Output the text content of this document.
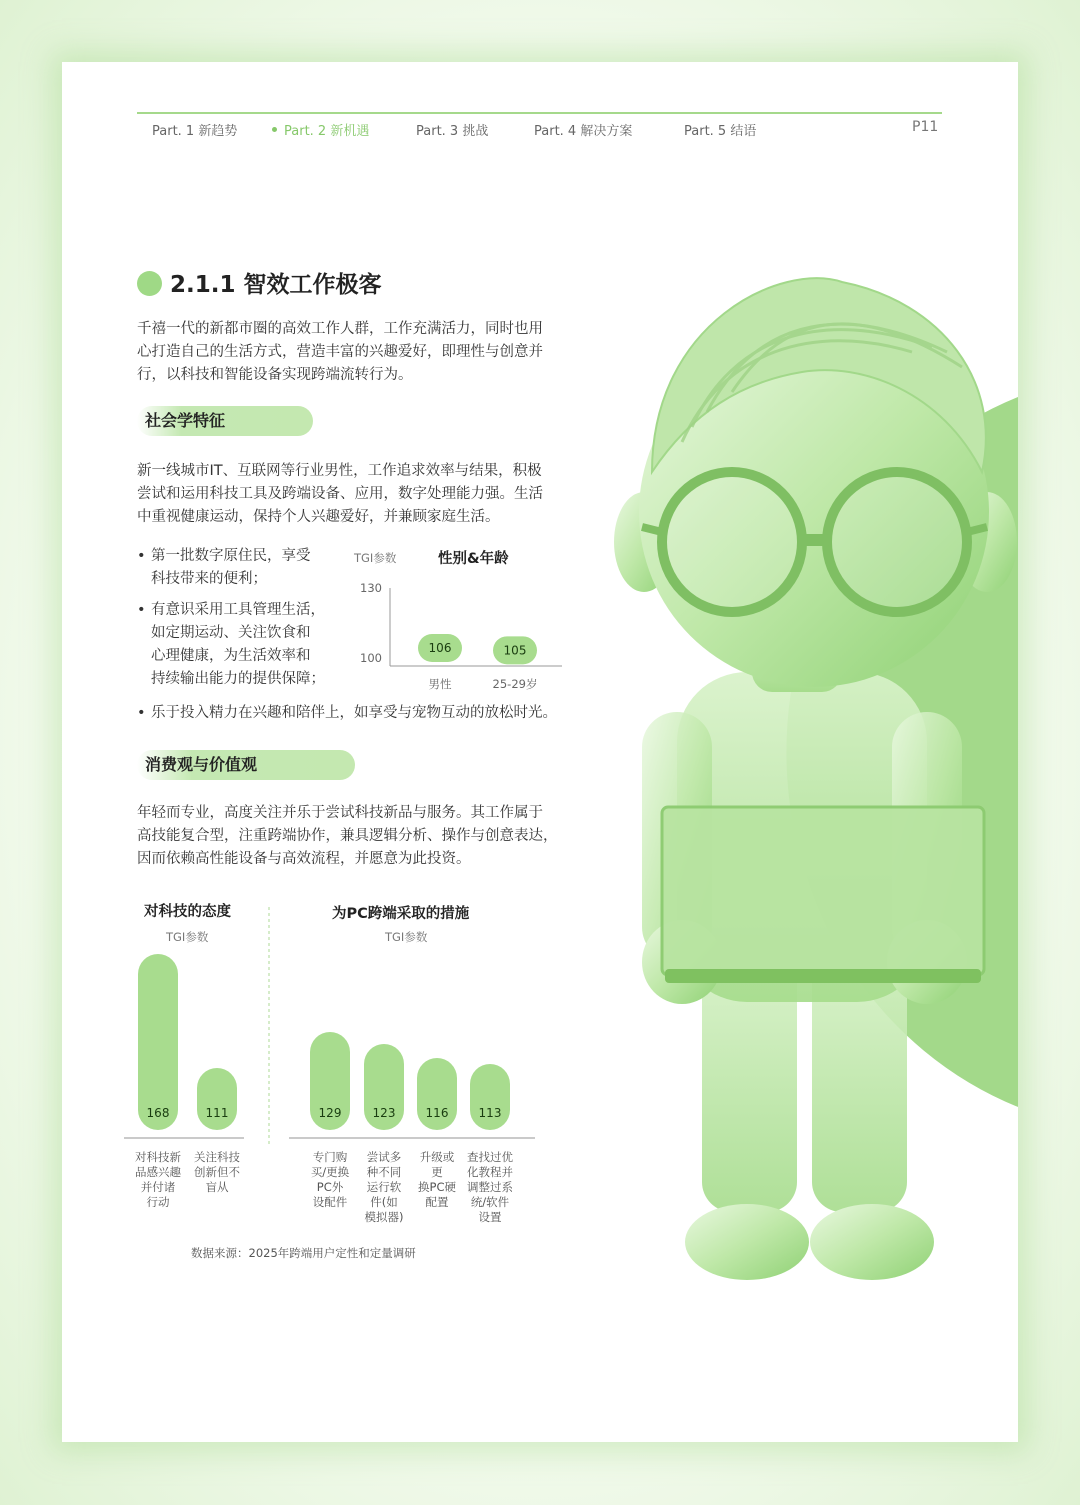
Part. 1 新趋势	Part. 2 新机遇	Part. 3 挑战	Part. 4 解决方案	Part. 5 结语	P11
2.1.1 智效工作极客

千禧一代的新都市圈的高效工作人群，工作充满活力，同时也用
心打造自己的生活方式，营造丰富的兴趣爱好，即理性与创意并
行，以科技和智能设备实现跨端流转行为。

社会学特征

新一线城市IT、互联网等行业男性，工作追求效率与结果，积极
尝试和运用科技工具及跨端设备、应用，数字处理能力强。生活
中重视健康运动，保持个人兴趣爱好，并兼顾家庭生活。

• 第一批数字原住民，享受
科技带来的便利；
• 有意识采用工具管理生活，
如定期运动、关注饮食和
心理健康，为生活效率和
持续输出能力的提供保障；
• 乐于投入精力在兴趣和陪伴上，如享受与宠物互动的放松时光。
TGI参数	性别&年龄
100
130
106
男性
105
25-29岁
消费观与价值观

年轻而专业，高度关注并乐于尝试科技新品与服务。其工作属于
高技能复合型，注重跨端协作，兼具逻辑分析、操作与创意表达，
因而依赖高性能设备与高效流程，并愿意为此投资。

对科技的态度
TGI参数
168	111
对科技新
品感兴趣
并付诸
行动
关注科技
创新但不
盲从
为PC跨端采取的措施
TGI参数
129	123	116	113
专门购
买/更换
PC外
设配件
尝试多
种不同
运行软
件(如
模拟器)
升级或
更
换PC硬
配置
查找过优
化教程并
调整过系
统/软件
设置
数据来源：2025年跨端用户定性和定量调研
